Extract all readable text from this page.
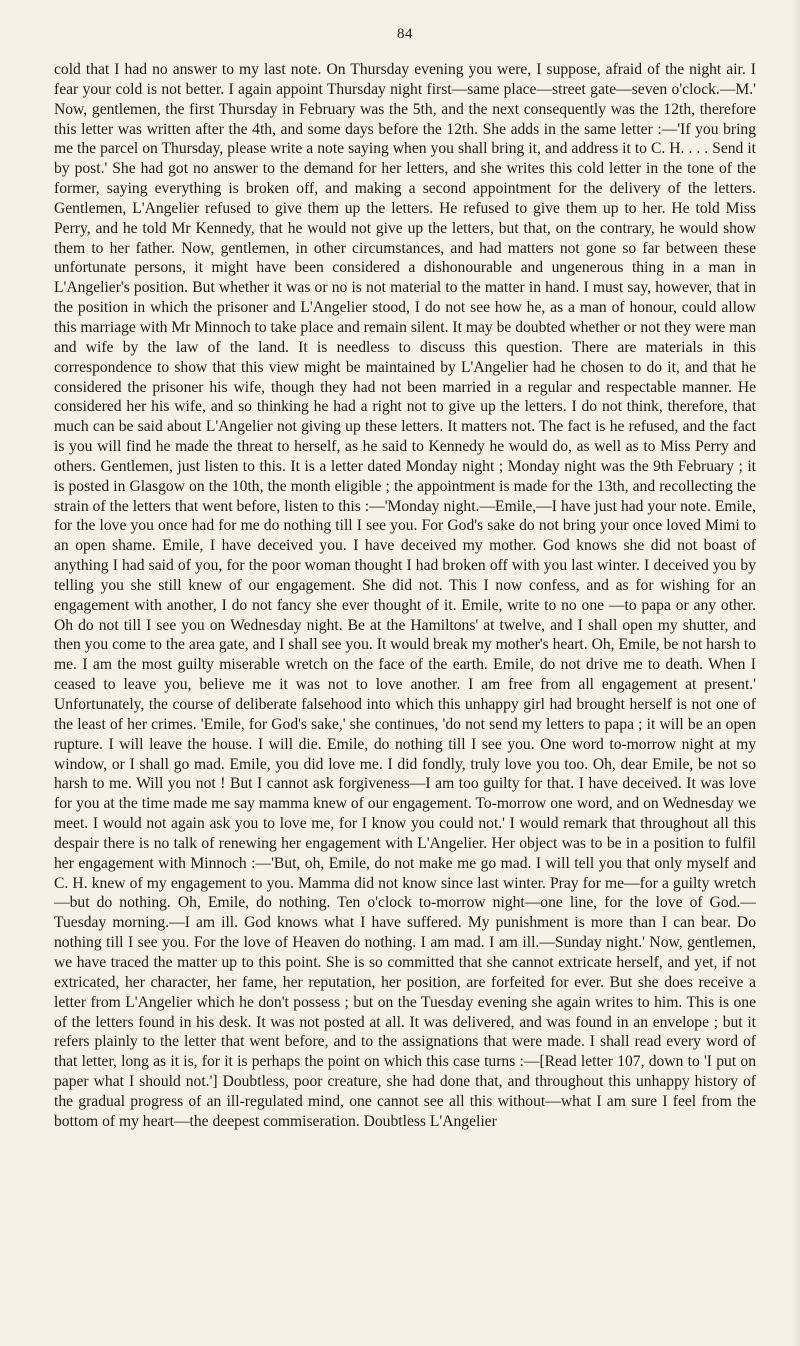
84

cold that I had no answer to my last note. On Thursday evening you were, I suppose, afraid of the night air. I fear your cold is not better. I again appoint Thursday night first—same place—street gate—seven o'clock.—M.' Now, gentlemen, the first Thursday in February was the 5th, and the next consequently was the 12th, therefore this letter was written after the 4th, and some days before the 12th. She adds in the same letter :—'If you bring me the parcel on Thursday, please write a note saying when you shall bring it, and address it to C. H. . . . Send it by post.' She had got no answer to the demand for her letters, and she writes this cold letter in the tone of the former, saying everything is broken off, and making a second appointment for the delivery of the letters. Gentlemen, L'Angelier refused to give them up the letters. He refused to give them up to her. He told Miss Perry, and he told Mr Kennedy, that he would not give up the letters, but that, on the contrary, he would show them to her father. Now, gentlemen, in other circumstances, and had matters not gone so far between these unfortunate persons, it might have been considered a dishonourable and ungenerous thing in a man in L'Angelier's position. But whether it was or no is not material to the matter in hand. I must say, however, that in the position in which the prisoner and L'Angelier stood, I do not see how he, as a man of honour, could allow this marriage with Mr Minnoch to take place and remain silent. It may be doubted whether or not they were man and wife by the law of the land. It is needless to discuss this question. There are materials in this correspondence to show that this view might be maintained by L'Angelier had he chosen to do it, and that he considered the prisoner his wife, though they had not been married in a regular and respectable manner. He considered her his wife, and so thinking he had a right not to give up the letters. I do not think, therefore, that much can be said about L'Angelier not giving up these letters. It matters not. The fact is he refused, and the fact is you will find he made the threat to herself, as he said to Kennedy he would do, as well as to Miss Perry and others. Gentlemen, just listen to this. It is a letter dated Monday night ; Monday night was the 9th February ; it is posted in Glasgow on the 10th, the month eligible ; the appointment is made for the 13th, and recollecting the strain of the letters that went before, listen to this :—'Monday night.—Emile,—I have just had your note. Emile, for the love you once had for me do nothing till I see you. For God's sake do not bring your once loved Mimi to an open shame. Emile, I have deceived you. I have deceived my mother. God knows she did not boast of anything I had said of you, for the poor woman thought I had broken off with you last winter. I deceived you by telling you she still knew of our engagement. She did not. This I now confess, and as for wishing for an engagement with another, I do not fancy she ever thought of it. Emile, write to no one —to papa or any other. Oh do not till I see you on Wednesday night. Be at the Hamiltons' at twelve, and I shall open my shutter, and then you come to the area gate, and I shall see you. It would break my mother's heart. Oh, Emile, be not harsh to me. I am the most guilty miserable wretch on the face of the earth. Emile, do not drive me to death. When I ceased to leave you, believe me it was not to love another. I am free from all engagement at present.' Unfortunately, the course of deliberate falsehood into which this unhappy girl had brought herself is not one of the least of her crimes. 'Emile, for God's sake,' she continues, 'do not send my letters to papa ; it will be an open rupture. I will leave the house. I will die. Emile, do nothing till I see you. One word to-morrow night at my window, or I shall go mad. Emile, you did love me. I did fondly, truly love you too. Oh, dear Emile, be not so harsh to me. Will you not ! But I cannot ask forgiveness—I am too guilty for that. I have deceived. It was love for you at the time made me say mamma knew of our engagement. To-morrow one word, and on Wednesday we meet. I would not again ask you to love me, for I know you could not.' I would remark that throughout all this despair there is no talk of renewing her engagement with L'Angelier. Her object was to be in a position to fulfil her engagement with Minnoch :—'But, oh, Emile, do not make me go mad. I will tell you that only myself and C. H. knew of my engagement to you. Mamma did not know since last winter. Pray for me—for a guilty wretch—but do nothing. Oh, Emile, do nothing. Ten o'clock to-morrow night—one line, for the love of God.—Tuesday morning.—I am ill. God knows what I have suffered. My punishment is more than I can bear. Do nothing till I see you. For the love of Heaven do nothing. I am mad. I am ill.—Sunday night.' Now, gentlemen, we have traced the matter up to this point. She is so committed that she cannot extricate herself, and yet, if not extricated, her character, her fame, her reputation, her position, are forfeited for ever. But she does receive a letter from L'Angelier which he don't possess ; but on the Tuesday evening she again writes to him. This is one of the letters found in his desk. It was not posted at all. It was delivered, and was found in an envelope ; but it refers plainly to the letter that went before, and to the assignations that were made. I shall read every word of that letter, long as it is, for it is perhaps the point on which this case turns :—[Read letter 107, down to 'I put on paper what I should not.'] Doubtless, poor creature, she had done that, and throughout this unhappy history of the gradual progress of an ill-regulated mind, one cannot see all this without—what I am sure I feel from the bottom of my heart—the deepest commiseration. Doubtless L'Angelier
